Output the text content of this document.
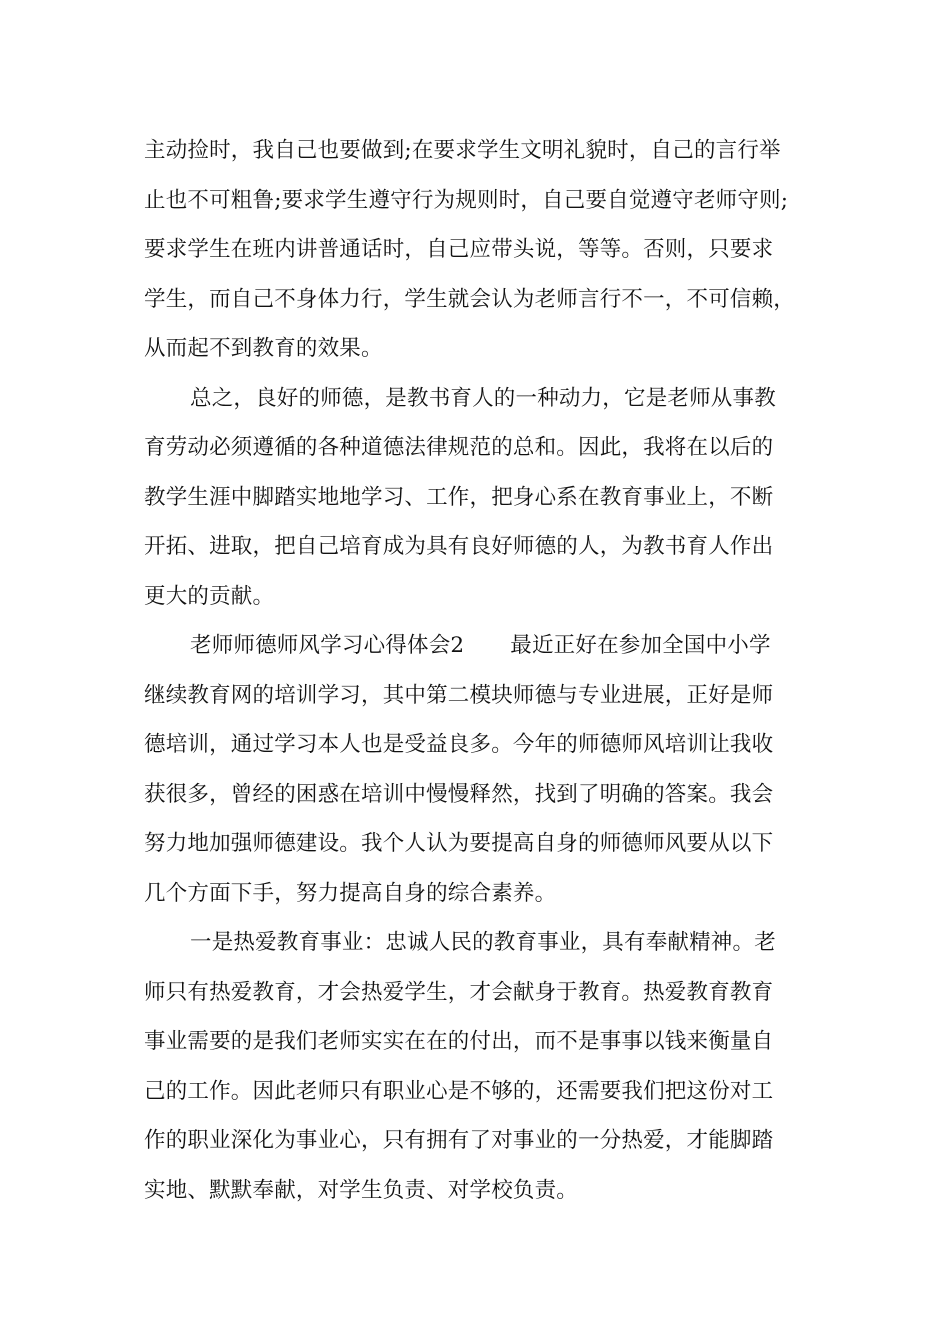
主动捡时，我自己也要做到;在要求学生文明礼貌时，自己的言行举
止也不可粗鲁;要求学生遵守行为规则时，自己要自觉遵守老师守则;
要求学生在班内讲普通话时，自己应带头说，等等。否则，只要求
学生，而自己不身体力行，学生就会认为老师言行不一，不可信赖，
从而起不到教育的效果。
总之，良好的师德，是教书育人的一种动力，它是老师从事教
育劳动必须遵循的各种道德法律规范的总和。因此，我将在以后的
教学生涯中脚踏实地地学习、工作，把身心系在教育事业上，不断
开拓、进取，把自己培育成为具有良好师德的人，为教书育人作出
更大的贡献。
老师师德师风学习心得体会2 最近正好在参加全国中小学
继续教育网的培训学习，其中第二模块师德与专业进展，正好是师
德培训，通过学习本人也是受益良多。今年的师德师风培训让我收
获很多，曾经的困惑在培训中慢慢释然，找到了明确的答案。我会
努力地加强师德建设。我个人认为要提高自身的师德师风要从以下
几个方面下手，努力提高自身的综合素养。
一是热爱教育事业：忠诚人民的教育事业，具有奉献精神。老
师只有热爱教育，才会热爱学生，才会献身于教育。热爱教育教育
事业需要的是我们老师实实在在的付出，而不是事事以钱来衡量自
己的工作。因此老师只有职业心是不够的，还需要我们把这份对工
作的职业深化为事业心，只有拥有了对事业的一分热爱，才能脚踏
实地、默默奉献，对学生负责、对学校负责。
